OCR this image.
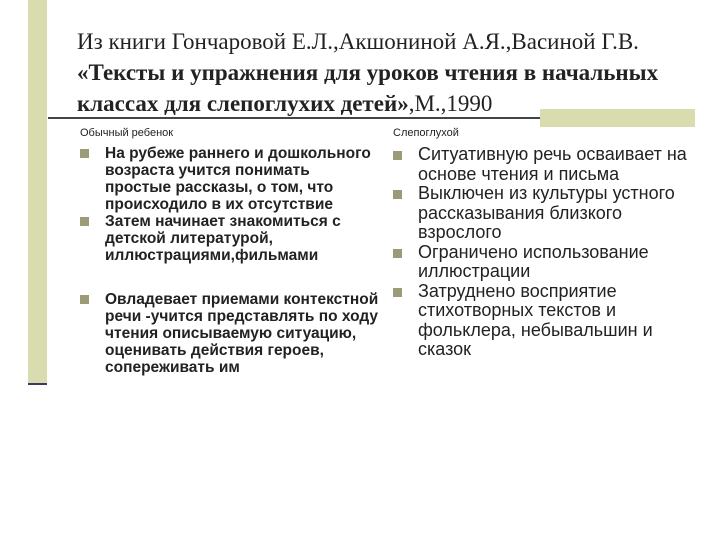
Из книги Гончаровой Е.Л.,Акшониной А.Я.,Васиной Г.В.
«Тексты и упражнения для уроков чтения в начальных классах для слепоглухих детей»,М.,1990
Обычный ребенок	Слепоглухой
На рубеже раннего и дошкольного возраста учится понимать простые рассказы, о том, что происходило в их отсутствие
Затем начинает знакомиться с детской литературой, иллюстрациями,фильмами
Овладевает приемами контекстной речи -учится представлять по ходу чтения описываемую ситуацию, оценивать действия героев, сопереживать им
Ситуативную речь осваивает на основе чтения и письма
Выключен из культуры устного рассказывания близкого взрослого
Ограничено использование иллюстрации
Затруднено восприятие стихотворных текстов и фольклера, небывальшин и сказок
